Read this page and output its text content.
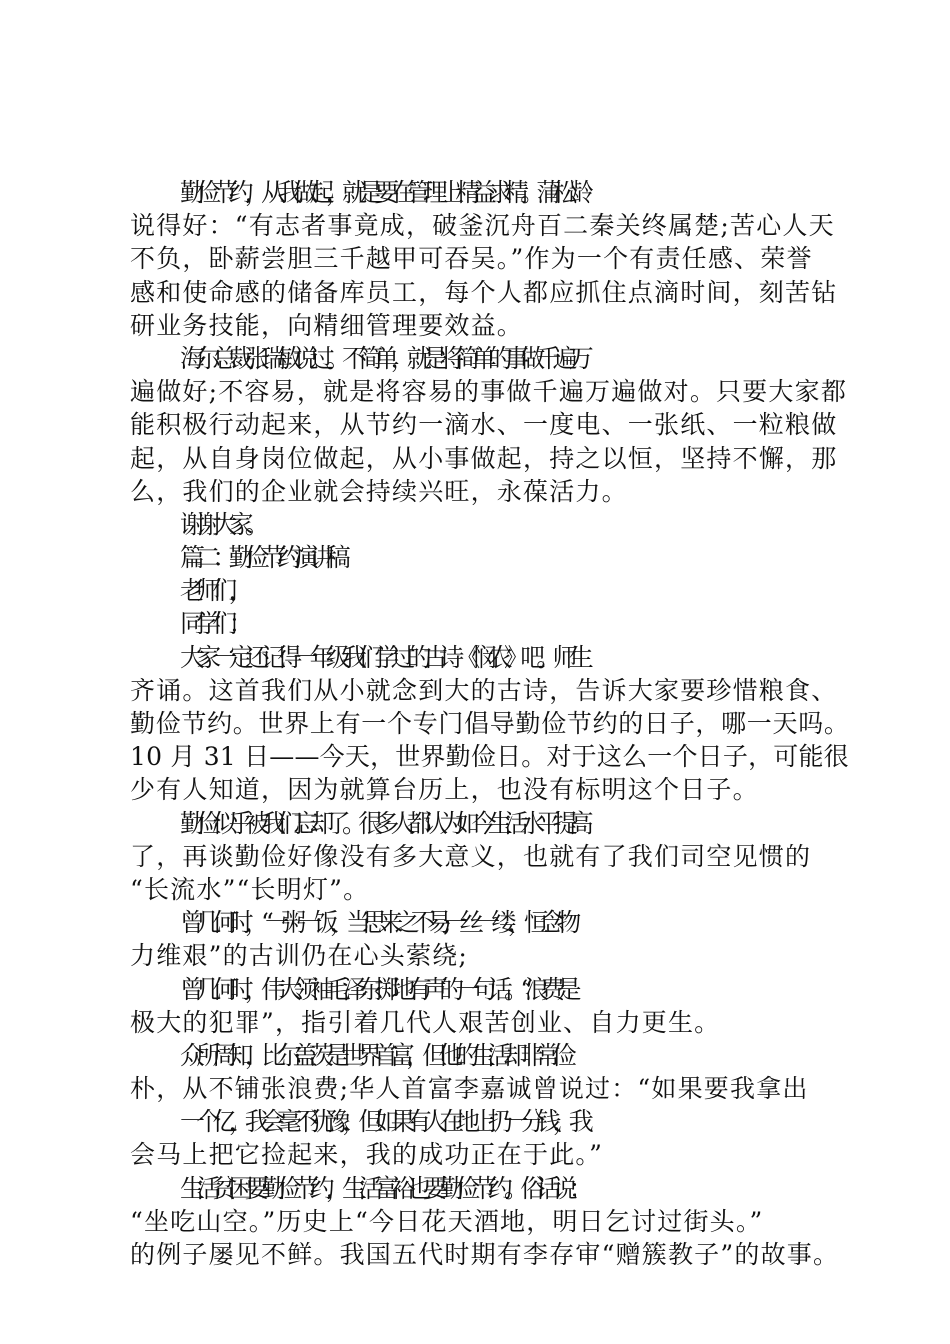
勤俭节约，从我做起，就是要在管理上精益求精。蒲松龄
说得好：“有志者事竟成，破釜沉舟百二秦关终属楚;苦心人天
不负，卧薪尝胆三千越甲可吞吴。”作为一个有责任感、荣誉
感和使命感的储备库员工，每个人都应抓住点滴时间，刻苦钻
研业务技能，向精细管理要效益。
海尔总裁张瑞敏说过。不简单，就是将简单的事做千遍万
遍做好;不容易，就是将容易的事做千遍万遍做对。只要大家都
能积极行动起来，从节约一滴水、一度电、一张纸、一粒粮做
起，从自身岗位做起，从小事做起，持之以恒，坚持不懈，那
么，我们的企业就会持续兴旺，永葆活力。
谢谢大家。
篇二：勤俭节约演讲稿
老师们，
同学们：
大家一定还记得一年级我们学过的古诗《悯农》吧。师生
齐诵。这首我们从小就念到大的古诗，告诉大家要珍惜粮食、
勤俭节约。世界上有一个专门倡导勤俭节约的日子，哪一天吗。
10 月 31 日——今天，世界勤俭日。对于这么一个日子，可能很
少有人知道，因为就算台历上，也没有标明这个日子。
勤俭似乎被我们忘却了。很多人都认为如今生活水平提高
了，再谈勤俭好像没有多大意义，也就有了我们司空见惯的
“长流水”“长明灯”。
曾几何时，“一粥一饭，当思来之不易;一丝一缕，恒念物
力维艰”的古训仍在心头萦绕;
曾几何时，伟大领袖毛泽东掷地有声的一句话。“浪费是
极大的犯罪”，指引着几代人艰苦创业、自力更生。
众所周知，比尔·盖茨是世界首富，但他的生活却非常俭
朴，从不铺张浪费;华人首富李嘉诚曾说过：“如果要我拿出
一个亿，我会毫不犹豫，但如果有人在地上扔一分钱，我
会马上把它捡起来，我的成功正在于此。”
生活贫困要勤俭节约，生活富裕也要勤俭节约。俗话说：
“坐吃山空。”历史上“今日花天酒地，明日乞讨过街头。”
的例子屡见不鲜。我国五代时期有李存审“赠簇教子”的故事。
